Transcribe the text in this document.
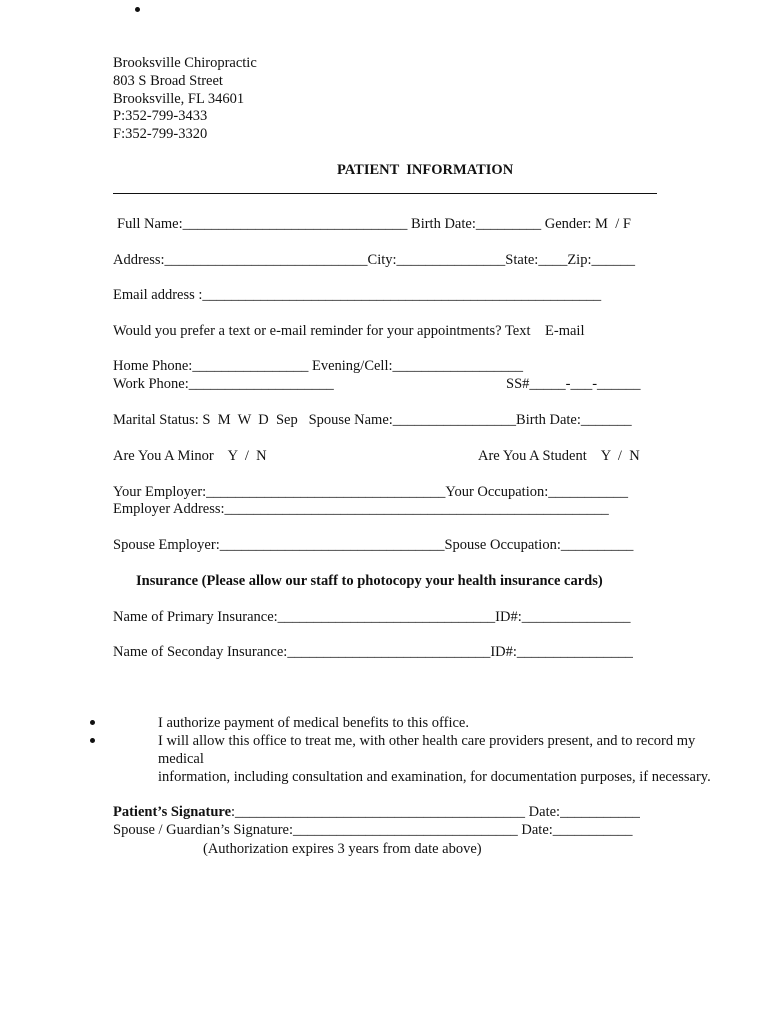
Brooksville Chiropractic
803 S Broad Street
Brooksville, FL 34601
P:352-799-3433
F:352-799-3320
PATIENT  INFORMATION
Full Name:_______________________________ Birth Date:_________ Gender: M  / F
Address:____________________________City:_______________State:____Zip:______
Email address :_______________________________________________________
Would you prefer a text or e-mail reminder for your appointments? Text    E-mail
Home Phone:________________ Evening/Cell:__________________
Work Phone:____________________	SS#_____-___-______
Marital Status: S  M  W  D  Sep   Spouse Name:_________________Birth Date:_______
Are You A Minor    Y  /  N	Are You A Student    Y  /  N
Your Employer:_________________________________Your Occupation:___________
Employer Address:_____________________________________________________
Spouse Employer:_______________________________Spouse Occupation:__________
Insurance (Please allow our staff to photocopy your health insurance cards)
Name of Primary Insurance:______________________________ID#:_______________
Name of Seconday Insurance:____________________________ID#:________________
I authorize payment of medical benefits to this office.
I will allow this office to treat me, with other health care providers present, and to record my
medical
information, including consultation and examination, for documentation purposes, if necessary.
Patient’s Signature:________________________________________ Date:___________
Spouse / Guardian’s Signature:_______________________________ Date:___________
(Authorization expires 3 years from date above)
